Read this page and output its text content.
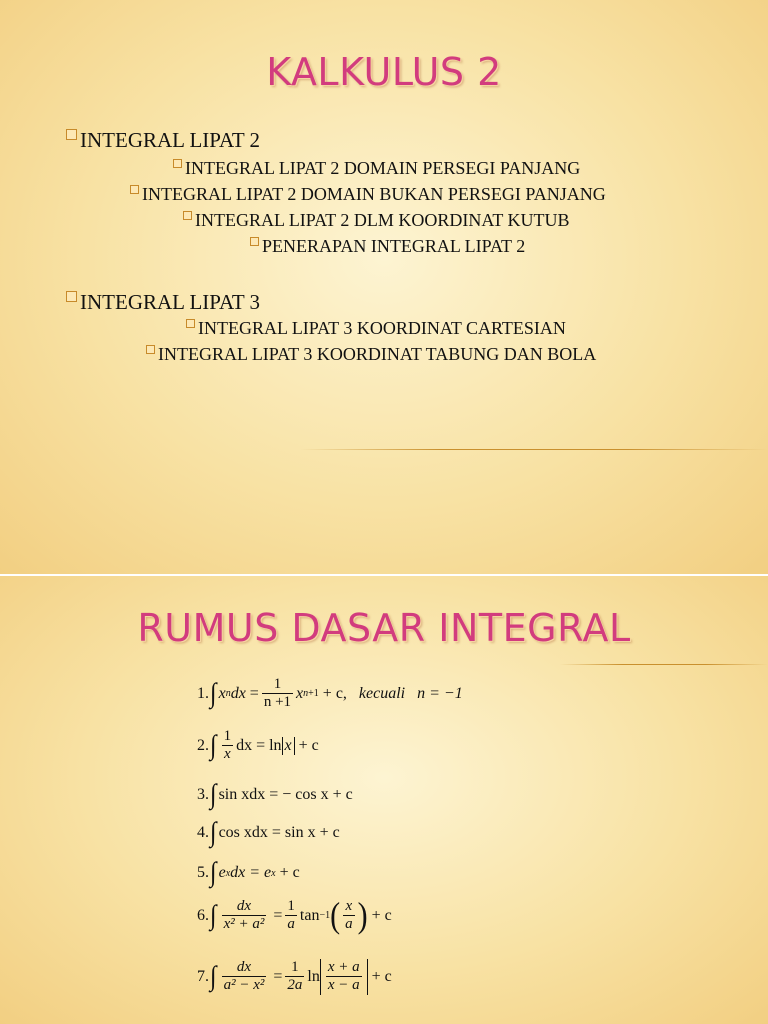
KALKULUS 2
INTEGRAL LIPAT 2
INTEGRAL LIPAT 2 DOMAIN PERSEGI PANJANG
INTEGRAL LIPAT 2 DOMAIN BUKAN PERSEGI PANJANG
INTEGRAL LIPAT 2 DLM KOORDINAT KUTUB
PENERAPAN INTEGRAL LIPAT 2
INTEGRAL LIPAT 3
INTEGRAL LIPAT 3 KOORDINAT CARTESIAN
INTEGRAL LIPAT 3 KOORDINAT TABUNG DAN BOLA
RUMUS DASAR INTEGRAL
1. ∫ x n dx = $\frac{1}{n +1}$ x n+1
+ c,
kecuali
n = −1
2. ∫ $\frac{1}{x}$ dx = ln x
+ c
3. ∫ sin xdx = − cos x + c
4. ∫ cos xdx = sin x + c
5. ∫ e x dx = e x
+ c
6. ∫ $\frac{dx}{\text{x² + a²}} = \frac{1}{a}$ tan −1 ( $\frac{x}{a}$ )
+ c
7. ∫ $\frac{dx}{\text{a² − x²}} = \frac{1}{2a}$ $\ln \frac{x + a}{x - a}$
+ c
